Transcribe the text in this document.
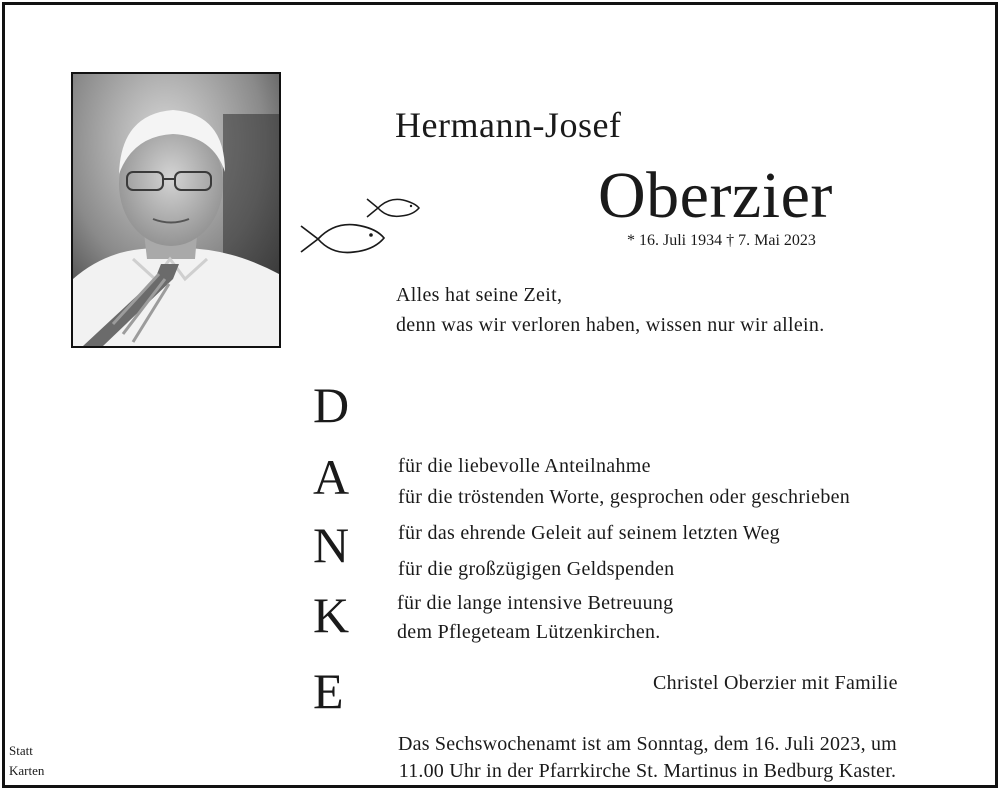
Hermann-Josef
Oberzier
* 16. Juli 1934 † 7. Mai 2023
Alles hat seine Zeit,
denn was wir verloren haben, wissen nur wir allein.
D
A
N
K
E
für die liebevolle Anteilnahme
für die tröstenden Worte, gesprochen oder geschrieben
für das ehrende Geleit auf seinem letzten Weg
für die großzügigen Geldspenden
für die lange intensive Betreuung
dem Pflegeteam Lützenkirchen.
Christel Oberzier mit Familie
Das Sechswochenamt ist am Sonntag, dem 16. Juli 2023, um
11.00 Uhr in der Pfarrkirche St. Martinus in Bedburg Kaster.
Statt
Karten
